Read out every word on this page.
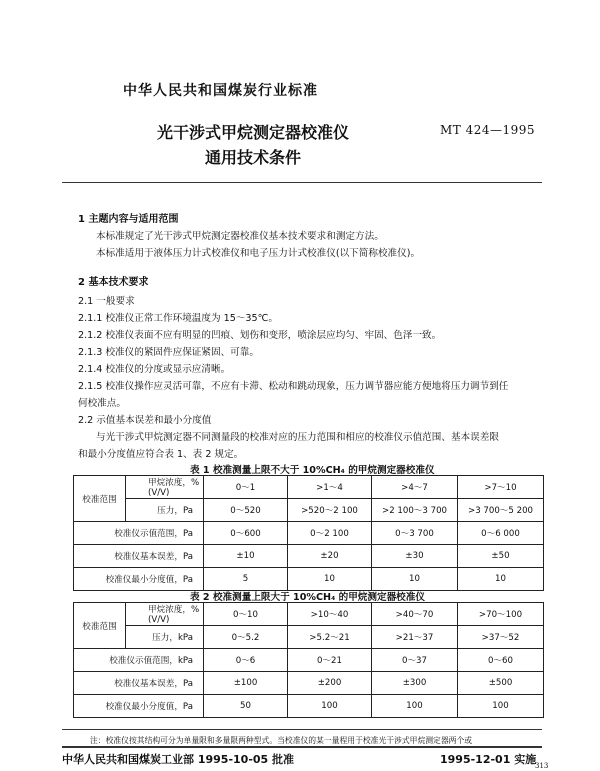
中华人民共和国煤炭行业标准
光干涉式甲烷测定器校准仪
通用技术条件
MT 424—1995
1 主题内容与适用范围
本标准规定了光干涉式甲烷测定器校准仪基本技术要求和测定方法。
本标准适用于液体压力计式校准仪和电子压力计式校准仪(以下简称校准仪)。
2 基本技术要求
2.1 一般要求
2.1.1 校准仪正常工作环境温度为 15～35℃。
2.1.2 校准仪表面不应有明显的凹痕、划伤和变形，喷涂层应均匀、牢固、色泽一致。
2.1.3 校准仪的紧固件应保证紧固、可靠。
2.1.4 校准仪的分度或显示应清晰。
2.1.5 校准仪操作应灵活可靠，不应有卡滞、松动和跳动现象，压力调节器应能方便地将压力调节到任
何校准点。
2.2 示值基本误差和最小分度值
与光干涉式甲烷测定器不同测量段的校准对应的压力范围和相应的校准仪示值范围、基本误差限
和最小分度值应符合表 1、表 2 规定。
表 1 校准测量上限不大于 10%CH₄ 的甲烷测定器校准仪
校准范围	甲烷浓度，%(V/V)	0～1	>1～4	>4～7	>7～10
	压力，Pa	0～520	>520～2 100	>2 100～3 700	>3 700～5 200
校准仪示值范围，Pa		0～600	0～2 100	0～3 700	0～6 000
校准仪基本误差，Pa		±10	±20	±30	±50
校准仪最小分度值，Pa		5	10	10	10
表 2 校准测量上限大于 10%CH₄ 的甲烷测定器校准仪
校准范围	甲烷浓度，%(V/V)	0～10	>10～40	>40～70	>70～100
	压力，kPa	0～5.2	>5.2～21	>21～37	>37～52
校准仪示值范围，kPa		0～6	0～21	0～37	0～60
校准仪基本误差，Pa		±100	±200	±300	±500
校准仪最小分度值，Pa		50	100	100	100
注：校准仪按其结构可分为单量限和多量限两种型式。当校准仪的某一量程用于校准光干涉式甲烷测定器两个或
中华人民共和国煤炭工业部 1995-10-05 批准	1995-12-01 实施
313
